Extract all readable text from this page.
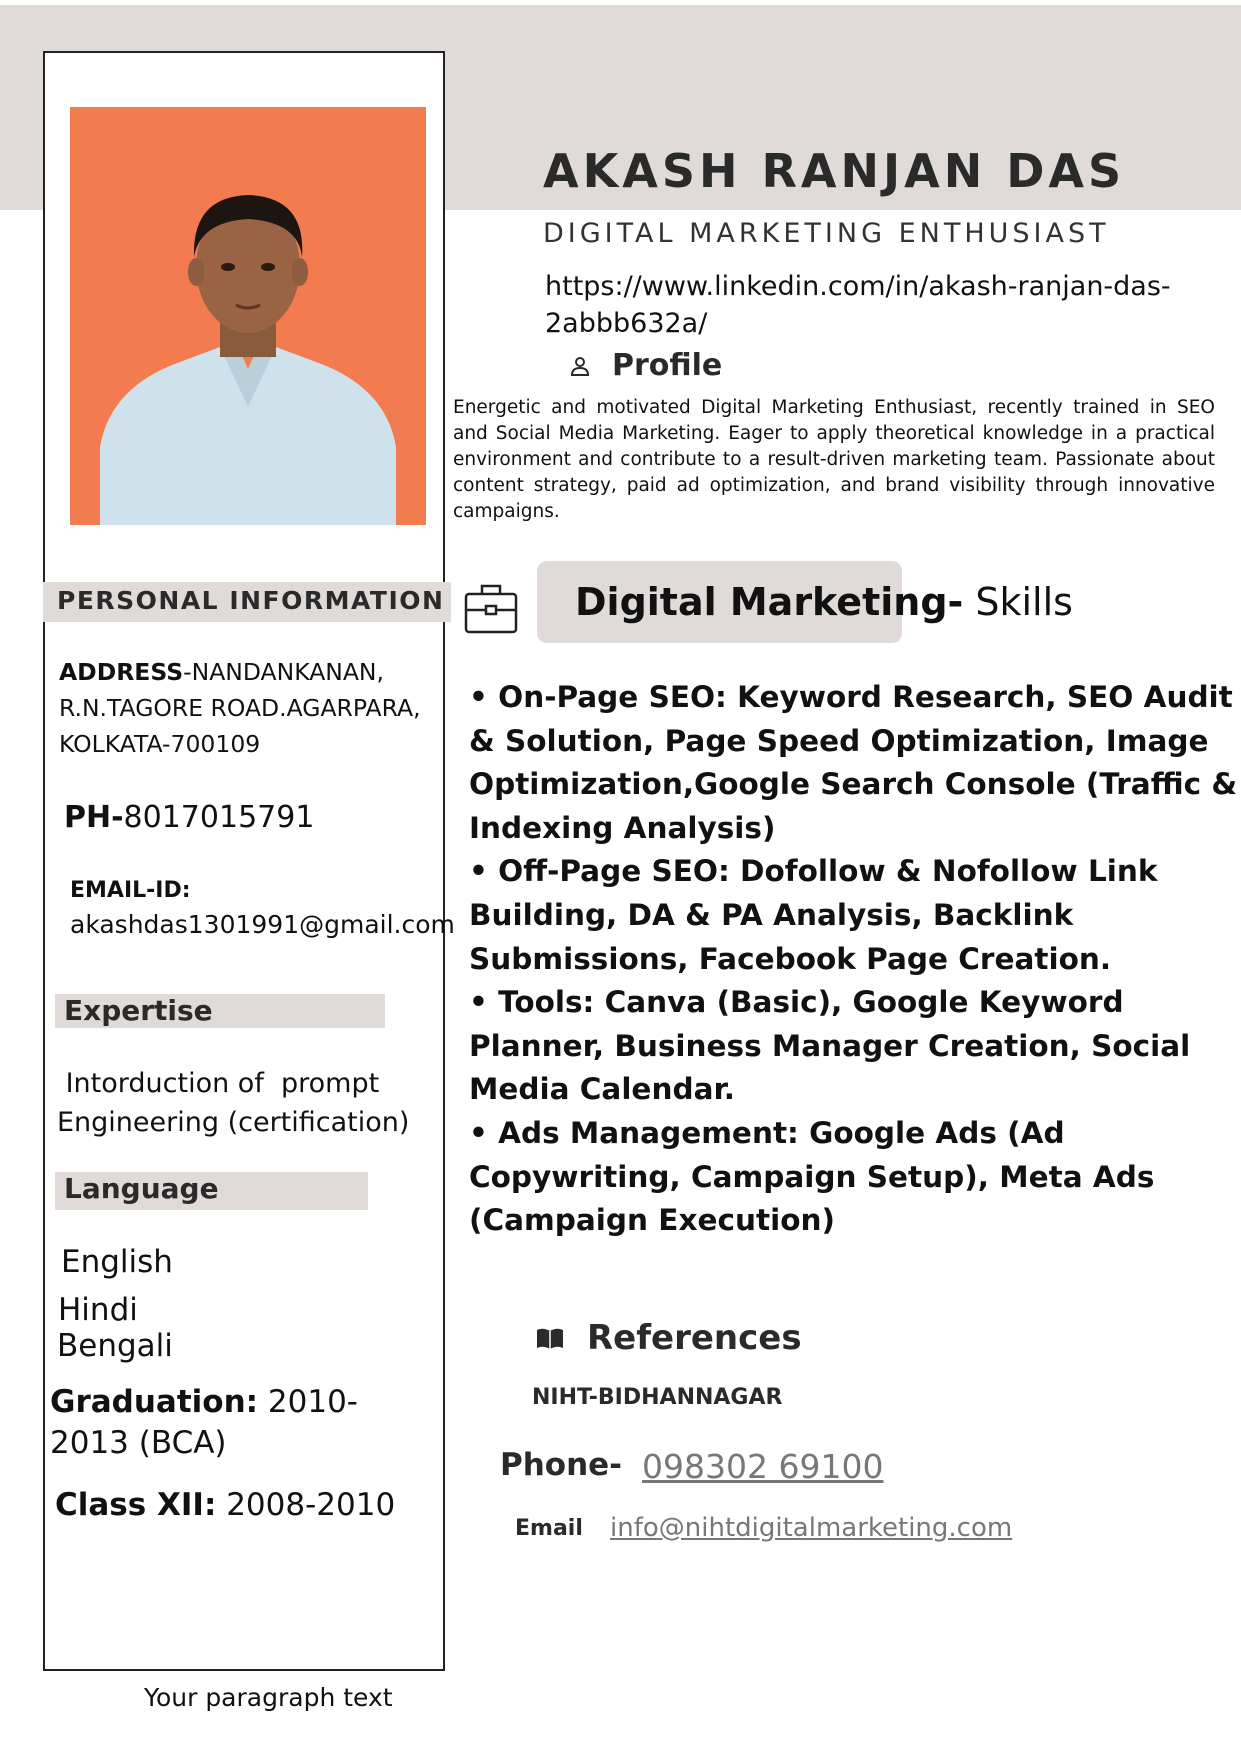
AKASH RANJAN DAS
DIGITAL MARKETING ENTHUSIAST
https://www.linkedin.com/in/akash-ranjan-das-2abbb632a/
Profile
Energetic and motivated Digital Marketing Enthusiast, recently trained in SEO and Social Media Marketing. Eager to apply theoretical knowledge in a practical environment and contribute to a result-driven marketing team. Passionate about content strategy, paid ad optimization, and brand visibility through innovative campaigns.
PERSONAL INFORMATION
ADDRESS-NANDANKANAN, R.N.TAGORE ROAD.AGARPARA, KOLKATA-700109
PH-8017015791
EMAIL-ID:
akashdas1301991@gmail.com
Expertise
Intorduction of  prompt Engineering (certification)
Language
English
Hindi
Bengali
Graduation: 2010- 2013 (BCA)
Class XII: 2008-2010
Your paragraph text
Digital Marketing- Skills
• On-Page SEO: Keyword Research, SEO Audit & Solution, Page Speed Optimization, Image Optimization,Google Search Console (Traffic & Indexing Analysis)
• Off-Page SEO: Dofollow & Nofollow Link Building, DA & PA Analysis, Backlink Submissions, Facebook Page Creation.
• Tools: Canva (Basic), Google Keyword Planner, Business Manager Creation, Social Media Calendar.
• Ads Management: Google Ads (Ad Copywriting, Campaign Setup), Meta Ads (Campaign Execution)
References
NIHT-BIDHANNAGAR
Phone- 098302 69100
Email info@nihtdigitalmarketing.com
